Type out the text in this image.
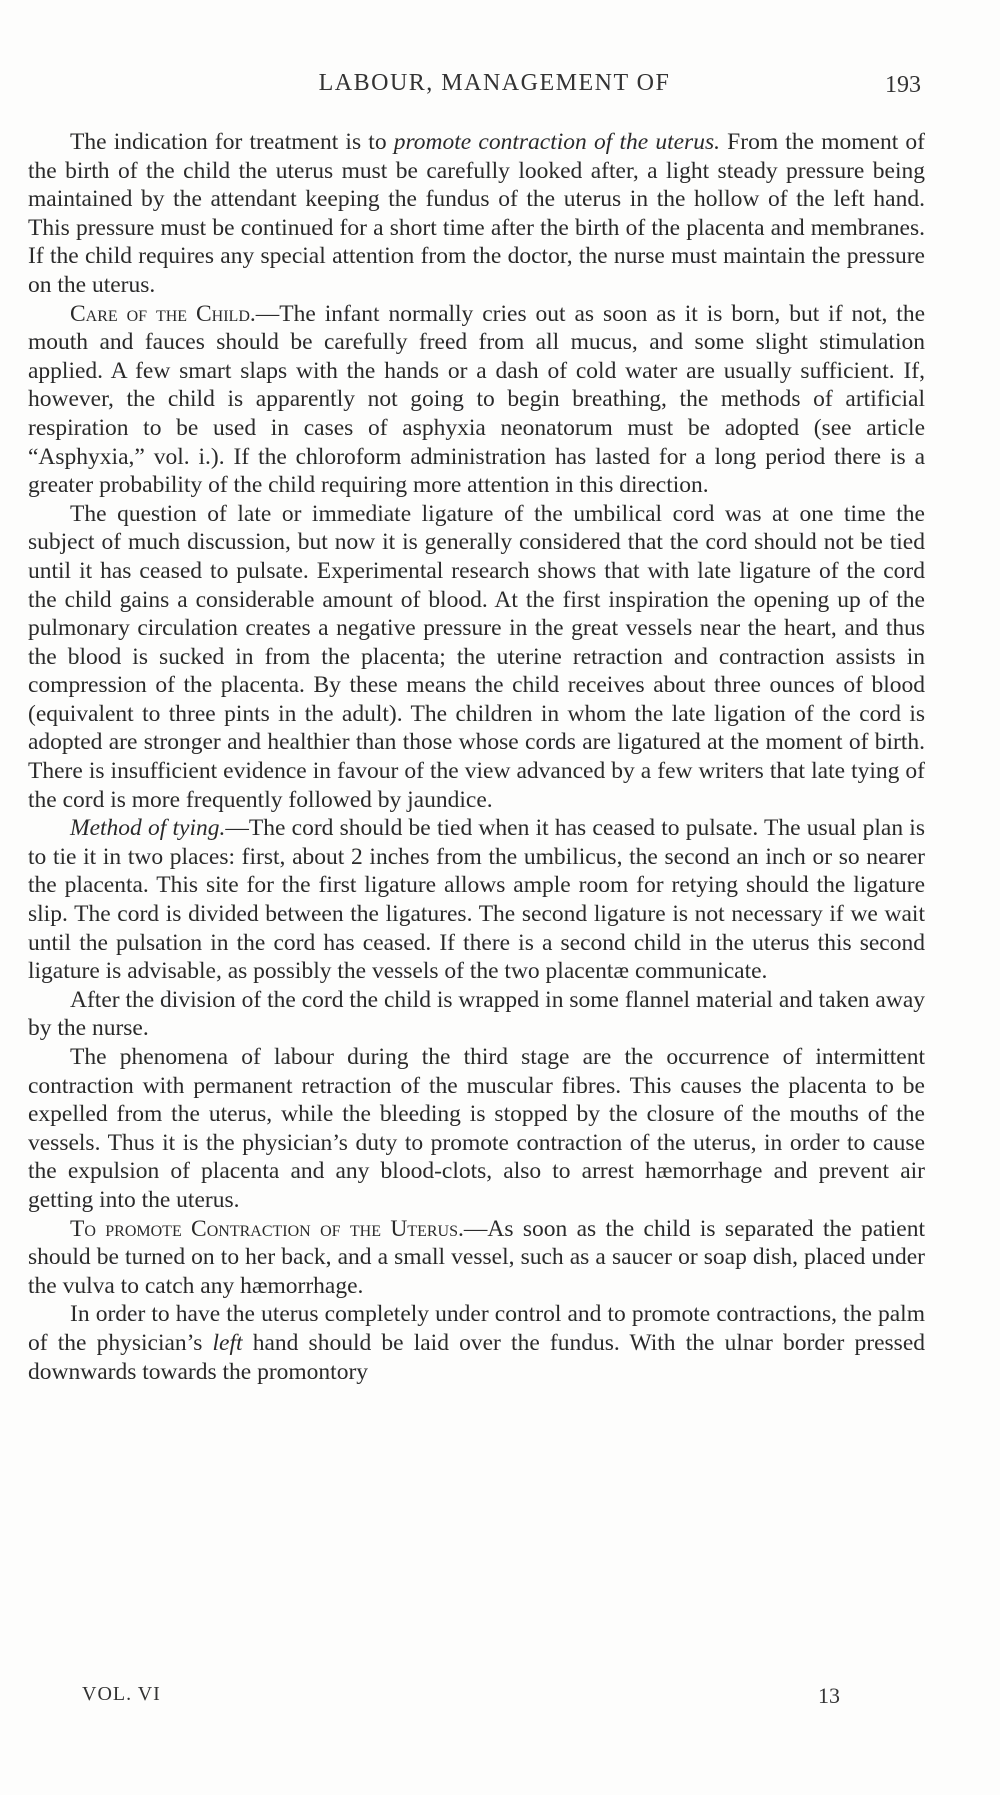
LABOUR, MANAGEMENT OF	193

The indication for treatment is to promote contraction of the uterus. From the moment of the birth of the child the uterus must be carefully looked after, a light steady pressure being maintained by the attendant keeping the fundus of the uterus in the hollow of the left hand. This pressure must be continued for a short time after the birth of the placenta and membranes. If the child requires any special attention from the doctor, the nurse must maintain the pressure on the uterus.

Care of the Child.—The infant normally cries out as soon as it is born, but if not, the mouth and fauces should be carefully freed from all mucus, and some slight stimulation applied. A few smart slaps with the hands or a dash of cold water are usually sufficient. If, however, the child is apparently not going to begin breathing, the methods of artificial respiration to be used in cases of asphyxia neonatorum must be adopted (see article “Asphyxia,” vol. i.). If the chloroform administration has lasted for a long period there is a greater probability of the child requiring more attention in this direction.

The question of late or immediate ligature of the umbilical cord was at one time the subject of much discussion, but now it is generally considered that the cord should not be tied until it has ceased to pulsate. Experimental research shows that with late ligature of the cord the child gains a considerable amount of blood. At the first inspiration the opening up of the pulmonary circulation creates a negative pressure in the great vessels near the heart, and thus the blood is sucked in from the placenta; the uterine retraction and contraction assists in compression of the placenta. By these means the child receives about three ounces of blood (equivalent to three pints in the adult). The children in whom the late ligation of the cord is adopted are stronger and healthier than those whose cords are ligatured at the moment of birth. There is insufficient evidence in favour of the view advanced by a few writers that late tying of the cord is more frequently followed by jaundice.

Method of tying.—The cord should be tied when it has ceased to pulsate. The usual plan is to tie it in two places: first, about 2 inches from the umbilicus, the second an inch or so nearer the placenta. This site for the first ligature allows ample room for retying should the ligature slip. The cord is divided between the ligatures. The second ligature is not necessary if we wait until the pulsation in the cord has ceased. If there is a second child in the uterus this second ligature is advisable, as possibly the vessels of the two placentæ communicate.

After the division of the cord the child is wrapped in some flannel material and taken away by the nurse.

The phenomena of labour during the third stage are the occurrence of intermittent contraction with permanent retraction of the muscular fibres. This causes the placenta to be expelled from the uterus, while the bleeding is stopped by the closure of the mouths of the vessels. Thus it is the physician’s duty to promote contraction of the uterus, in order to cause the expulsion of placenta and any blood-clots, also to arrest hæmorrhage and prevent air getting into the uterus.

To promote Contraction of the Uterus.—As soon as the child is separated the patient should be turned on to her back, and a small vessel, such as a saucer or soap dish, placed under the vulva to catch any hæmorrhage.

In order to have the uterus completely under control and to promote contractions, the palm of the physician’s left hand should be laid over the fundus. With the ulnar border pressed downwards towards the promontory

VOL. VI	13
